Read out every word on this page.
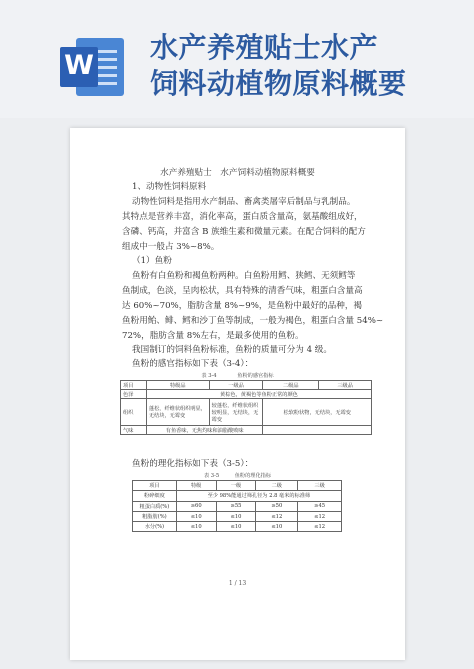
W
水产养殖贴士水产
饲料动植物原料概要
水产养殖贴士　水产饲料动植物原料概要
1、动物性饲料原料
动物性饲料是指用水产制品、畜禽类屠宰后制品与乳制品。
其特点是营养丰富，消化率高，蛋白质含量高，氨基酸组成好，
含磷、钙高，并富含 B 族维生素和微量元素。在配合饲料的配方
组成中一般占 3%~8%。
（1）鱼粉
鱼粉有白鱼粉和褐鱼粉两种。白鱼粉用鳕、狭鳕、无须鳕等
鱼制成，色淡，呈肉松状，具有特殊的清香气味，粗蛋白含量高
达 60%~70%，脂肪含量 8%~9%，是鱼粉中最好的品种，褐
鱼粉用鲐、鲱、鳕和沙丁鱼等制成，一般为褐色，粗蛋白含量 54%~
72%，脂肪含量 8%左右，是最多使用的鱼粉。
我国制订的饲料鱼粉标准，鱼粉的质量可分为 4 级。
鱼粉的感官指标如下表（3-4）：
表 3-4　　　　鱼粉的感官指标
项目	特级品	一级品	二级品	三级品
色泽	黄棕色，黄褐色等鱼粉正常的颜色			
组织	蓬松，纤维状组织明显，无结块，无霉变	较蓬松，纤维状组织较明显，无结块，无霉变	松软粉状物，无结块，无霉变	
气味	有鱼香味，无焦灼味和油脂酸败味			
鱼粉的理化指标如下表（3-5）：
表 3-5　　　鱼粉的理化指标
项目	特级	一级	二级	三级
粉碎细度	至少 98%能通过筛孔径为 2.8 毫米的标准筛			
粗蛋白质(%)	≥60	≥55	≥50	≥45
粗脂肪(%)	≤10	≤10	≤12	≤12
水分(%)	≤10	≤10	≤10	≤12
1 / 13
